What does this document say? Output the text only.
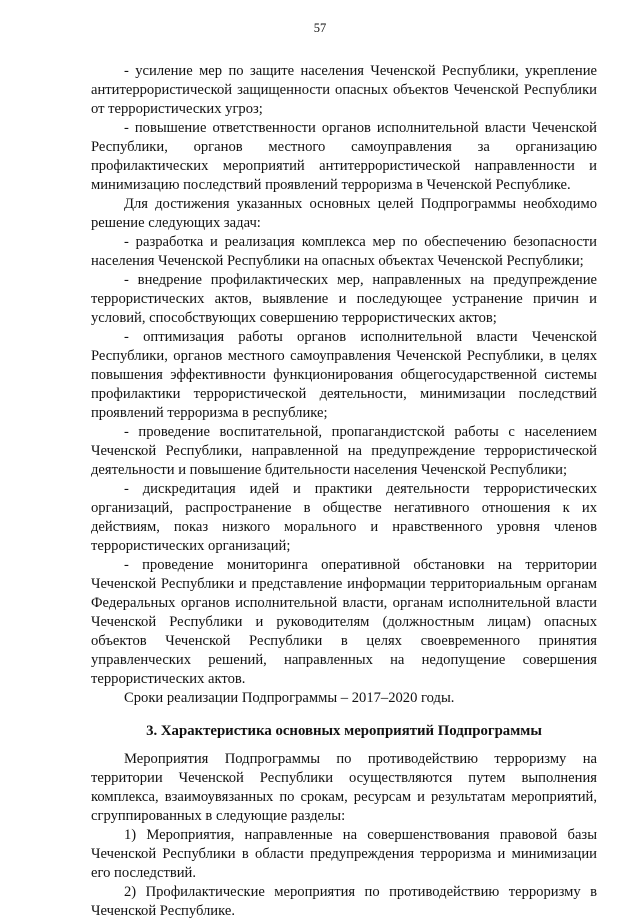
57

- усиление мер по защите населения Чеченской Республики, укрепление антитеррористической защищенности опасных объектов Чеченской Республики от террористических угроз;

- повышение ответственности органов исполнительной власти Чеченской Республики, органов местного самоуправления за организацию профилактических мероприятий антитеррористической направленности и минимизацию последствий проявлений терроризма в Чеченской Республике.

Для достижения указанных основных целей Подпрограммы необходимо решение следующих задач:

- разработка и реализация комплекса мер по обеспечению безопасности населения Чеченской Республики на опасных объектах Чеченской Республики;

- внедрение профилактических мер, направленных на предупреждение террористических актов, выявление и последующее устранение причин и условий, способствующих совершению террористических актов;

- оптимизация работы органов исполнительной власти Чеченской Республики, органов местного самоуправления Чеченской Республики, в целях повышения эффективности функционирования общегосударственной системы профилактики террористической деятельности, минимизации последствий проявлений терроризма в республике;

- проведение воспитательной, пропагандистской работы с населением Чеченской Республики, направленной на предупреждение террористической деятельности и повышение бдительности населения Чеченской Республики;

- дискредитация идей и практики деятельности террористических организаций, распространение в обществе негативного отношения к их действиям, показ низкого морального и нравственного уровня членов террористических организаций;

- проведение мониторинга оперативной обстановки на территории Чеченской Республики и представление информации территориальным органам Федеральных органов исполнительной власти, органам исполнительной власти Чеченской Республики и руководителям (должностным лицам) опасных объектов Чеченской Республики в целях своевременного принятия управленческих решений, направленных на недопущение совершения террористических актов.

Сроки реализации Подпрограммы – 2017–2020 годы.

3. Характеристика основных мероприятий Подпрограммы

Мероприятия Подпрограммы по противодействию терроризму на территории Чеченской Республики осуществляются путем выполнения комплекса, взаимоувязанных по срокам, ресурсам и результатам мероприятий, сгруппированных в следующие разделы:

1) Мероприятия, направленные на совершенствования правовой базы Чеченской Республики в области предупреждения терроризма и минимизации его последствий.

2) Профилактические мероприятия по противодействию терроризму в Чеченской Республике.
